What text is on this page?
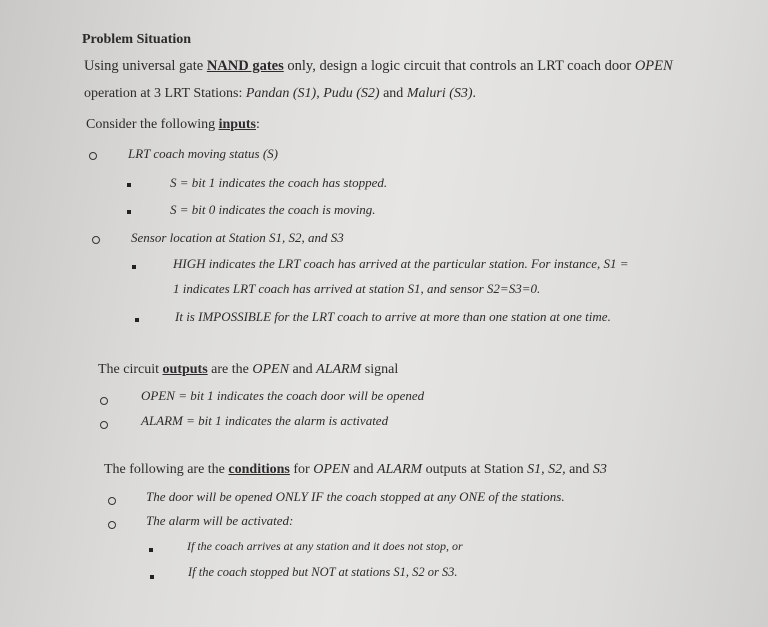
Problem Situation
Using universal gate NAND gates only, design a logic circuit that controls an LRT coach door OPEN
operation at 3 LRT Stations: Pandan (S1), Pudu (S2) and Maluri (S3).
Consider the following inputs:
LRT coach moving status (S)
S = bit 1 indicates the coach has stopped.
S = bit 0 indicates the coach is moving.
Sensor location at Station S1, S2, and S3
HIGH indicates the LRT coach has arrived at the particular station. For instance, S1 =
1 indicates LRT coach has arrived at station S1, and sensor S2=S3=0.
It is IMPOSSIBLE for the LRT coach to arrive at more than one station at one time.
The circuit outputs are the OPEN and ALARM signal
OPEN = bit 1 indicates the coach door will be opened
ALARM = bit 1 indicates the alarm is activated
The following are the conditions for OPEN and ALARM outputs at Station S1, S2, and S3
The door will be opened ONLY IF the coach stopped at any ONE of the stations.
The alarm will be activated:
If the coach arrives at any station and it does not stop, or
If the coach stopped but NOT at stations S1, S2 or S3.
